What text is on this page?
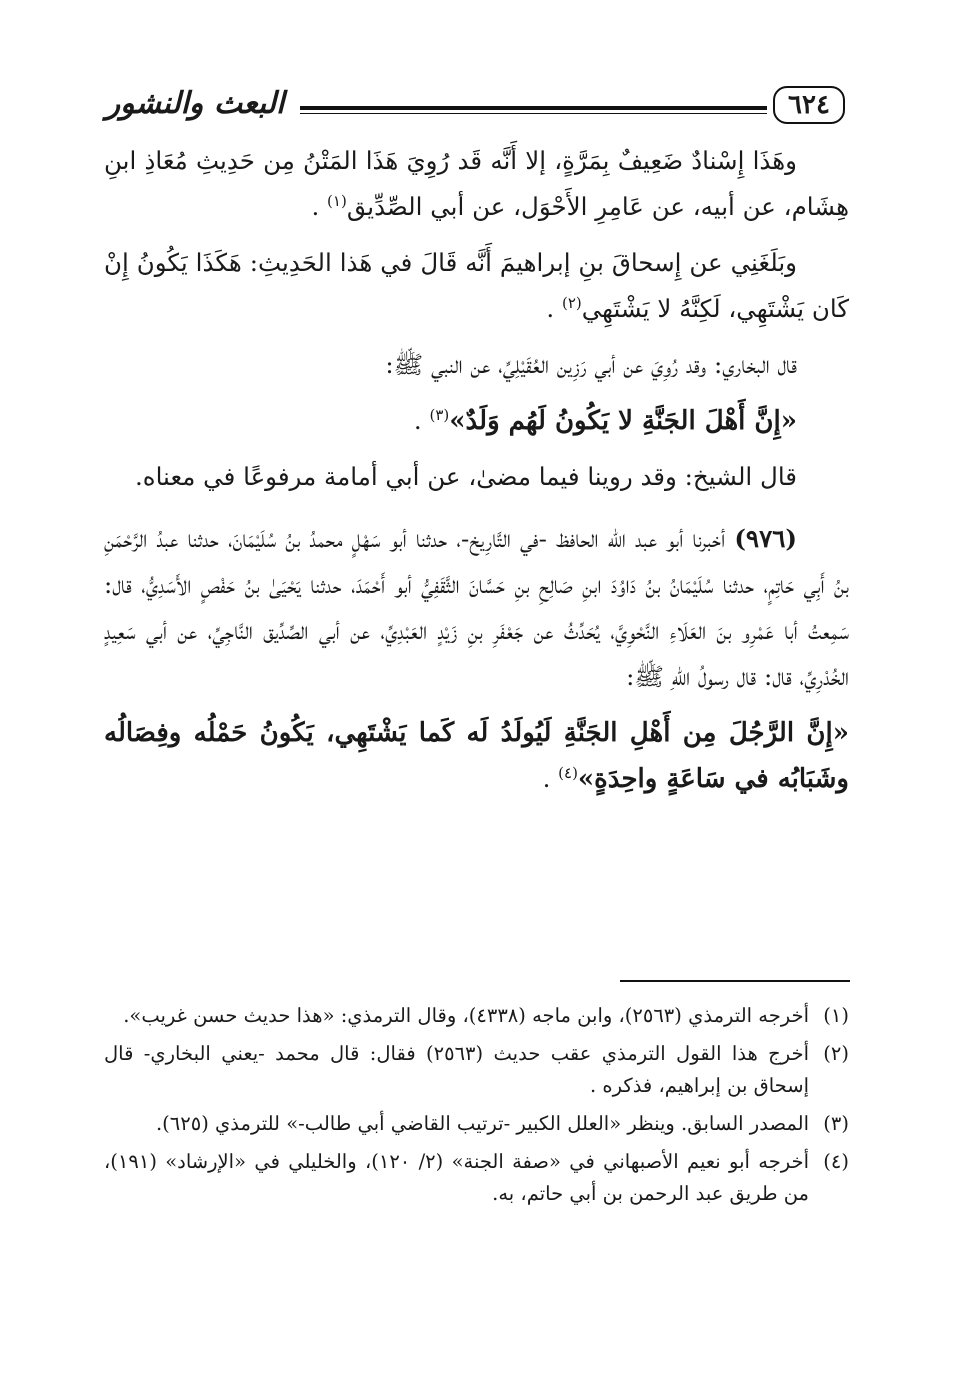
٦٢٤
البعث والنشور

وهَذَا إِسْنادٌ ضَعِيفٌ بِمَرَّةٍ، إلا أَنَّه قَد رُوِيَ هَذَا المَتْنُ مِن حَدِيثِ مُعَاذِ ابنِ هِشَام، عن أبيه، عن عَامِرِ الأَحْوَل، عن أبي الصِّدِّيق$^{(١)}$ .

وبَلَغَنِي عن إِسحاقَ بنِ إبراهيمَ أَنَّه قَالَ في هَذا الحَدِيثِ: هَكَذَا يَكُونُ إِنْ كَان يَشْتَهِي، لَكِنَّهُ لا يَشْتَهِي$^{(٢)}$ .

قال البخاري: وقد رُوِيَ عن أبي رَزِين العُقَيْلِيِّ، عن النبي ﷺ:

«إِنَّ أَهْلَ الجَنَّةِ لا يَكُونُ لَهُم وَلَدٌ»$^{(٣)}$ .

قال الشيخ: وقد روينا فيما مضىٰ، عن أبي أمامة مرفوعًا في معناه.

(٩٧٦) أخبرنا أبو عبد الله الحافظ -في التَّارِيخ-، حدثنا أبو سَهْلٍ محمدُ بنُ سُلَيْمَانَ، حدثنا عبدُ الرَّحْمَنِ بنُ أَبِي حَاتِمٍ، حدثنا سُلَيْمَانُ بنُ دَاوُدَ ابنِ صَالِحِ بنِ حَسَّانَ الثَّقَفِيُّ أبو أَحْمَدَ، حدثنا يَحْيَىٰ بنُ حَفْصٍ الأَسَدِيُّ، قال: سَمِعتُ أبا عَمْرِو بنَ العَلَاءِ النَّحْوِيَّ، يُحَدِّثُ عن جَعْفَرِ بنِ زَيْدٍ العَبْدِيِّ، عن أبي الصِّدِّيق النَّاجِيِّ، عن أبي سَعِيدٍ الخُدْرِيِّ، قال: قال رسولُ اللهِ ﷺ:

«إِنَّ الرَّجُلَ مِن أَهْلِ الجَنَّةِ لَيُولَدُ لَه كَما يَشْتَهِي، يَكُونُ حَمْلُه وفِصَالُه وشَبَابُه في سَاعَةٍ واحِدَةٍ»$^{(٤)}$ .

(١)
أخرجه الترمذي (٢٥٦٣)، وابن ماجه (٤٣٣٨)، وقال الترمذي: «هذا حديث حسن غريب».

(٢)
أخرج هذا القول الترمذي عقب حديث (٢٥٦٣) فقال: قال محمد -يعني البخاري- قال إسحاق بن إبراهيم، فذكره .

(٣)
المصدر السابق. وينظر «العلل الكبير -ترتيب القاضي أبي طالب-» للترمذي (٦٢٥).

(٤)
أخرجه أبو نعيم الأصبهاني في «صفة الجنة» (٢/ ١٢٠)، والخليلي في «الإرشاد» (١٩١)، من طريق عبد الرحمن بن أبي حاتم، به.
